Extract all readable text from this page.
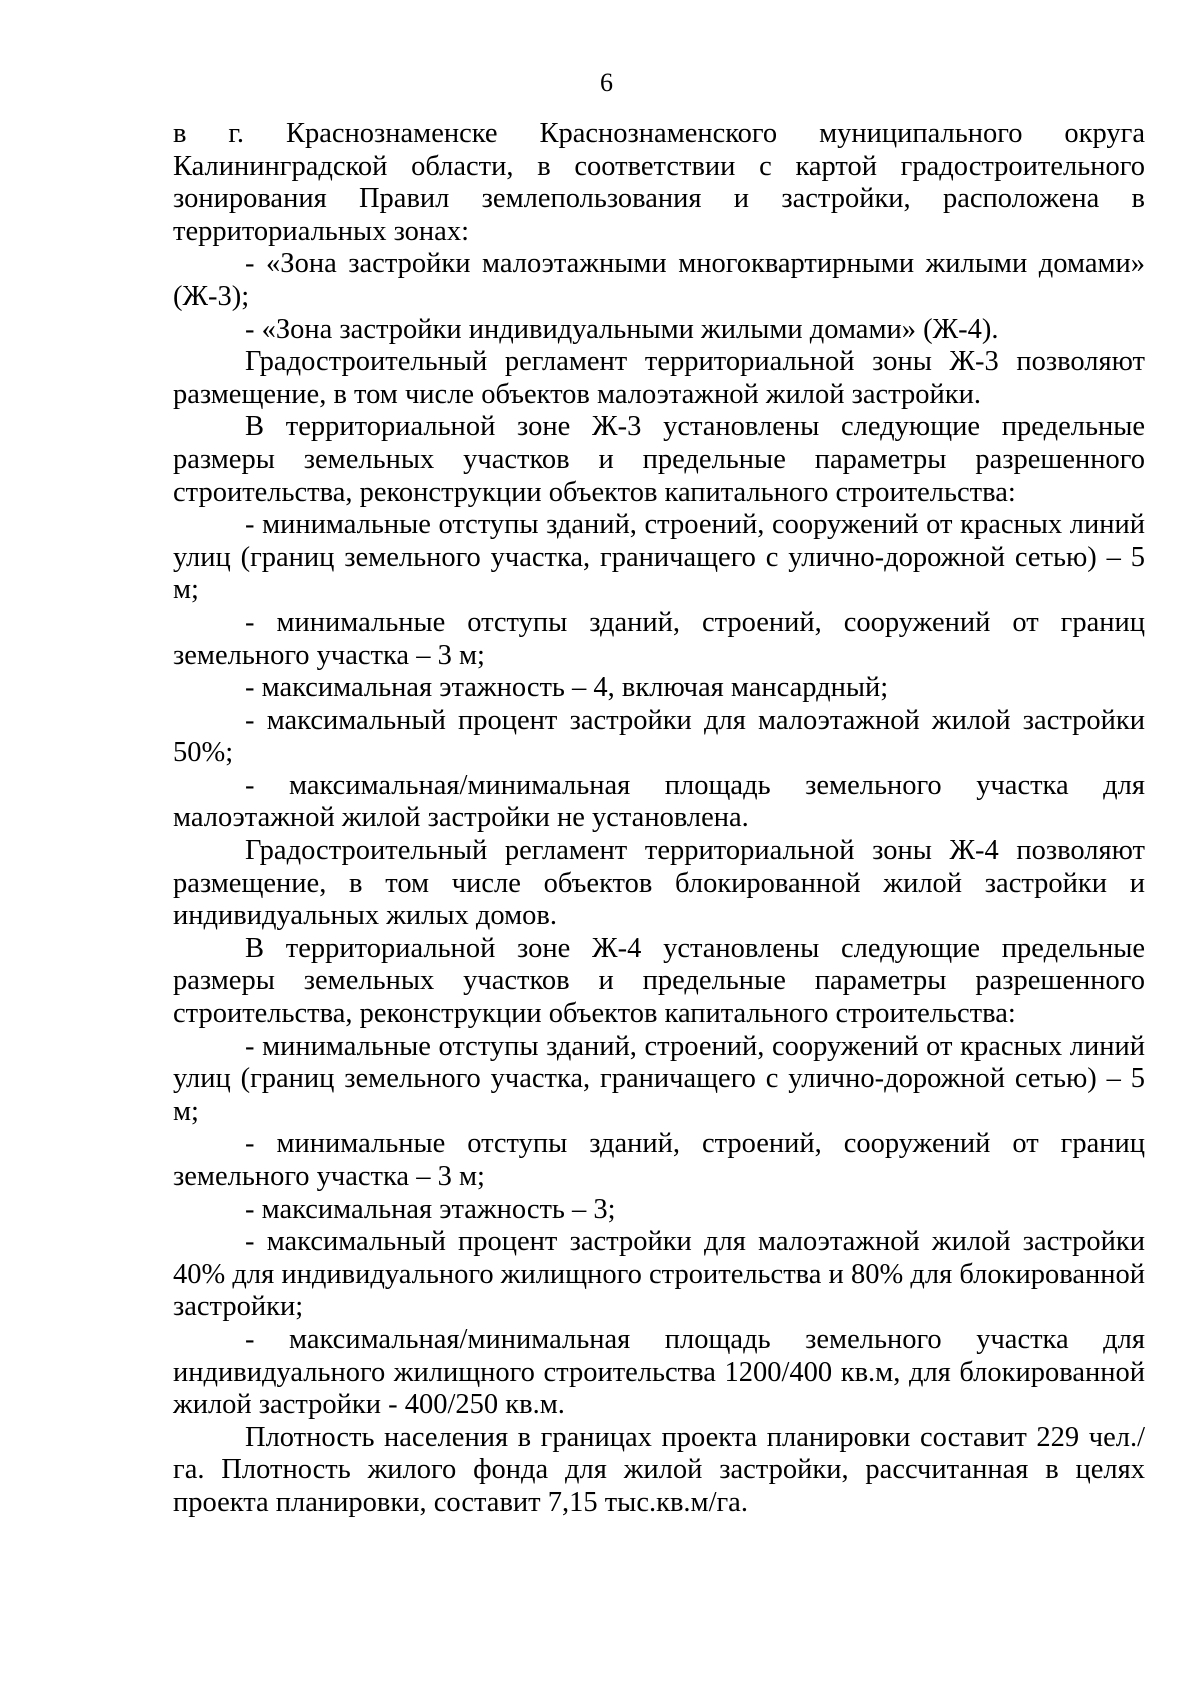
6

в г. Краснознаменске Краснознаменского муниципального округа Калининградской области, в соответствии с картой градостроительного зонирования Правил землепользования и застройки, расположена в территориальных зонах:

- «Зона застройки малоэтажными многоквартирными жилыми домами» (Ж-3);

- «Зона застройки индивидуальными жилыми домами» (Ж-4).

Градостроительный регламент территориальной зоны Ж-3 позволяют размещение, в том числе объектов малоэтажной жилой застройки.

В территориальной зоне Ж-3 установлены следующие предельные размеры земельных участков и предельные параметры разрешенного строительства, реконструкции объектов капитального строительства:

- минимальные отступы зданий, строений, сооружений от красных линий улиц (границ земельного участка, граничащего с улично-дорожной сетью) – 5 м;

- минимальные отступы зданий, строений, сооружений от границ земельного участка – 3 м;

- максимальная этажность – 4, включая мансардный;

- максимальный процент застройки для малоэтажной жилой застройки 50%;

- максимальная/минимальная площадь земельного участка для малоэтажной жилой застройки не установлена.

Градостроительный регламент территориальной зоны Ж-4 позволяют размещение, в том числе объектов блокированной жилой застройки и индивидуальных жилых домов.

В территориальной зоне Ж-4 установлены следующие предельные размеры земельных участков и предельные параметры разрешенного строительства, реконструкции объектов капитального строительства:

- минимальные отступы зданий, строений, сооружений от красных линий улиц (границ земельного участка, граничащего с улично-дорожной сетью) – 5 м;

- минимальные отступы зданий, строений, сооружений от границ земельного участка – 3 м;

- максимальная этажность – 3;

- максимальный процент застройки для малоэтажной жилой застройки 40% для индивидуального жилищного строительства и 80% для блокированной застройки;

- максимальная/минимальная площадь земельного участка для индивидуального жилищного строительства 1200/400 кв.м, для блокированной жилой застройки - 400/250 кв.м.

Плотность населения в границах проекта планировки составит 229 чел./га. Плотность жилого фонда для жилой застройки, рассчитанная в целях проекта планировки, составит 7,15 тыс.кв.м/га.
